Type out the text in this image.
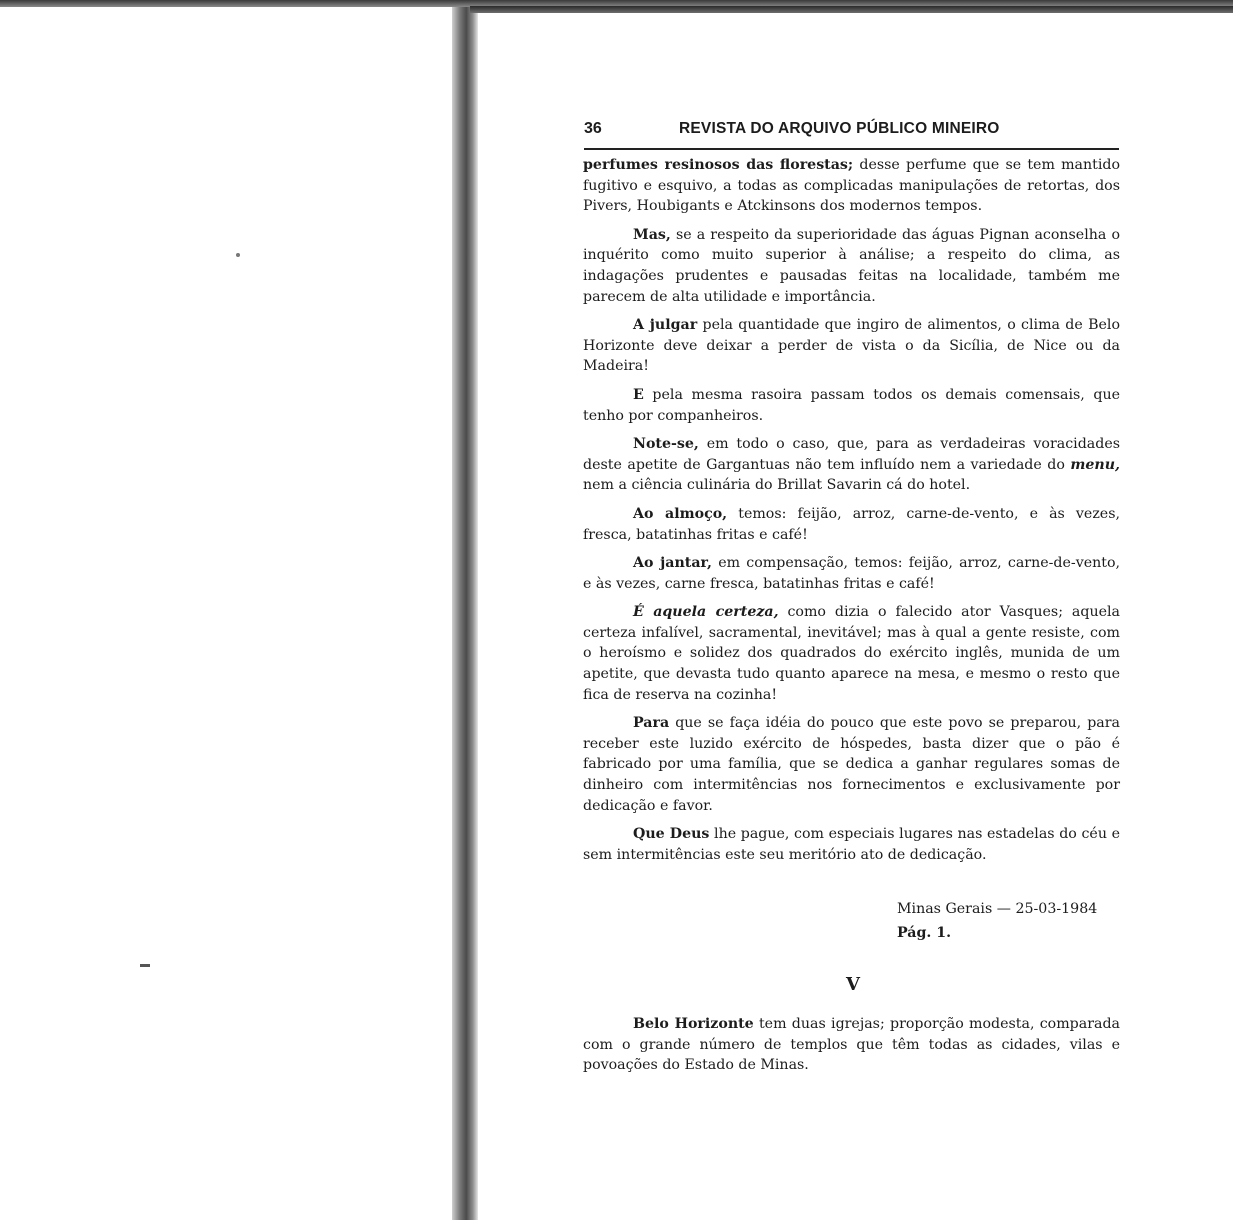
36	REVISTA DO ARQUIVO PÚBLICO MINEIRO

perfumes resinosos das florestas; desse perfume que se tem mantido fugitivo e esquivo, a todas as complicadas manipulações de retortas, dos Pivers, Houbigants e Atckinsons dos modernos tempos.

Mas, se a respeito da superioridade das águas Pignan aconselha o inquérito como muito superior à análise; a respeito do clima, as indagações prudentes e pausadas feitas na localidade, também me parecem de alta utilidade e importância.

A julgar pela quantidade que ingiro de alimentos, o clima de Belo Horizonte deve deixar a perder de vista o da Sicília, de Nice ou da Madeira!

E pela mesma rasoira passam todos os demais comensais, que tenho por companheiros.

Note-se, em todo o caso, que, para as verdadeiras voracidades deste apetite de Gargantuas não tem influído nem a variedade do menu, nem a ciência culinária do Brillat Savarin cá do hotel.

Ao almoço, temos: feijão, arroz, carne-de-vento, e às vezes, fresca, batatinhas fritas e café!

Ao jantar, em compensação, temos: feijão, arroz, carne-de-vento, e às vezes, carne fresca, batatinhas fritas e café!

É aquela certeza, como dizia o falecido ator Vasques; aquela certeza infalível, sacramental, inevitável; mas à qual a gente resiste, com o heroísmo e solidez dos quadrados do exército inglês, munida de um apetite, que devasta tudo quanto aparece na mesa, e mesmo o resto que fica de reserva na cozinha!

Para que se faça idéia do pouco que este povo se preparou, para receber este luzido exército de hóspedes, basta dizer que o pão é fabricado por uma família, que se dedica a ganhar regulares somas de dinheiro com intermitências nos fornecimentos e exclusivamente por dedicação e favor.

Que Deus lhe pague, com especiais lugares nas estadelas do céu e sem intermitências este seu meritório ato de dedicação.

Minas Gerais — 25-03-1984
Pág. 1.
V

Belo Horizonte tem duas igrejas; proporção modesta, comparada com o grande número de templos que têm todas as cidades, vilas e povoações do Estado de Minas.
